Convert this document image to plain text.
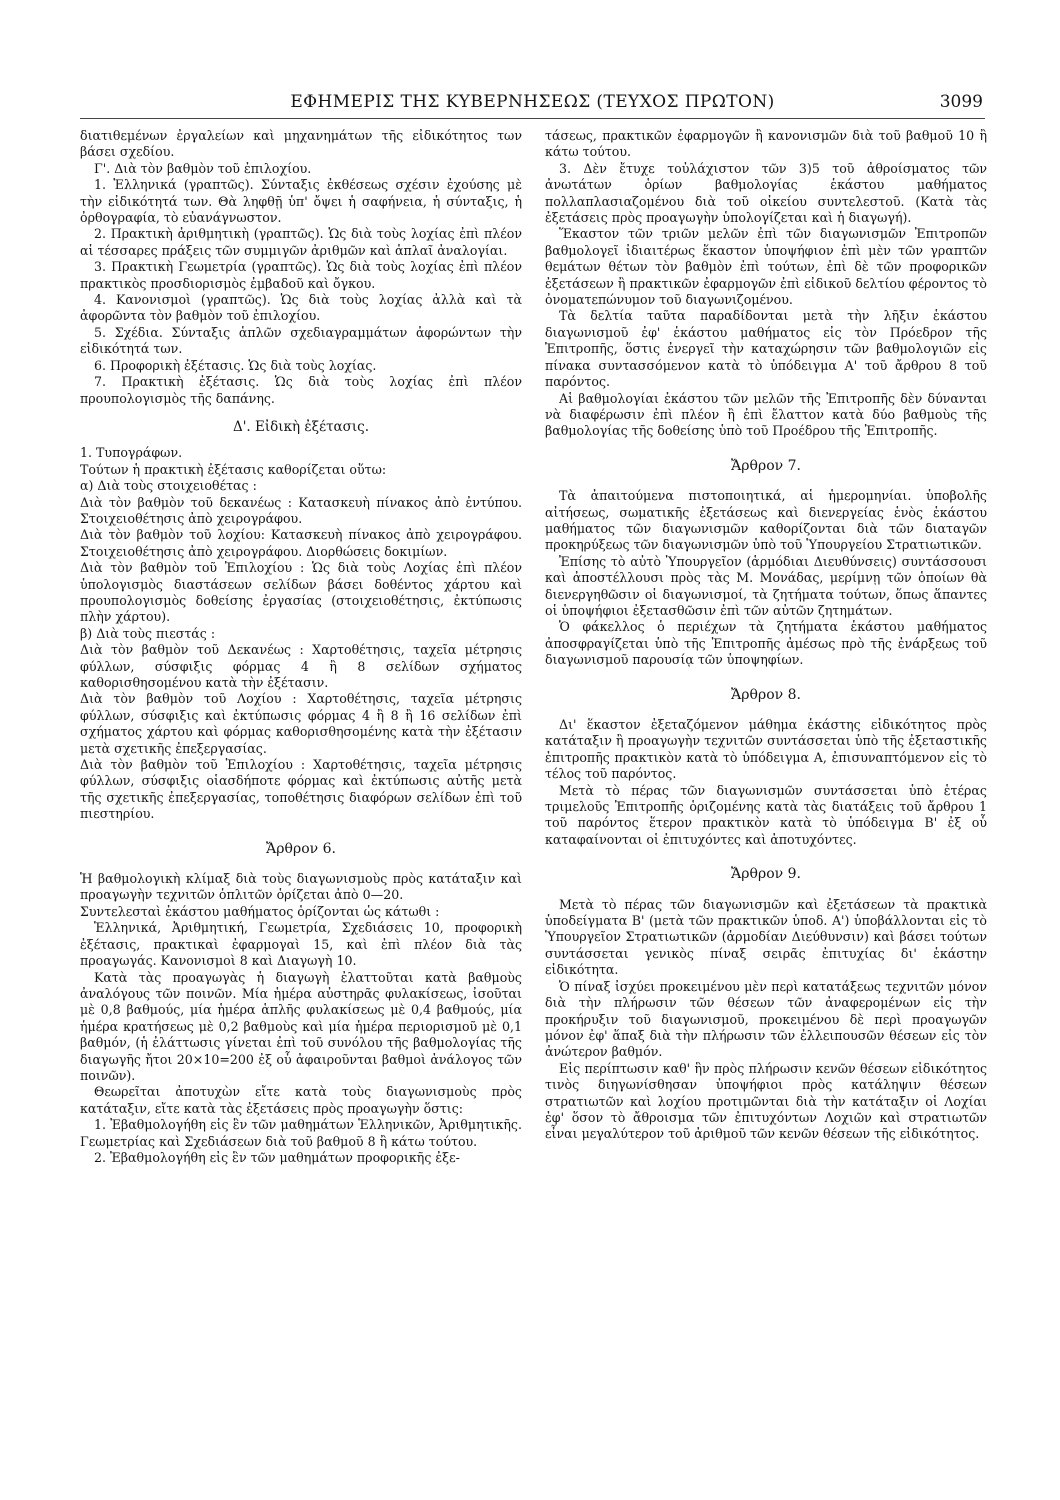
ΕΦΗΜΕΡΙΣ ΤΗΣ ΚΥΒΕΡΝΗΣΕΩΣ (ΤΕΥΧΟΣ ΠΡΩΤΟΝ)	3099

διατιθεμένων ἐργαλείων καὶ μηχανημάτων τῆς εἰδικότητος των βάσει σχεδίου.

Γ'. Διὰ τὸν βαθμὸν τοῦ ἐπιλοχίου.

1. Ἑλληνικά (γραπτῶς). Σύνταξις ἐκθέσεως σχέσιν ἐχούσης μὲ τὴν εἰδικότητά των. Θὰ ληφθῇ ὑπ' ὄψει ἡ σαφήνεια, ἡ σύνταξις, ἡ ὀρθογραφία, τὸ εὐανάγνωστον.

2. Πρακτικὴ ἀριθμητικὴ (γραπτῶς). Ὡς διὰ τοὺς λοχίας ἐπὶ πλέον αἱ τέσσαρες πράξεις τῶν συμμιγῶν ἀριθμῶν καὶ ἁπλαῖ ἀναλογίαι.

3. Πρακτικὴ Γεωμετρία (γραπτῶς). Ὡς διὰ τοὺς λοχίας ἐπὶ πλέον πρακτικὸς προσδιορισμὸς ἐμβαδοῦ καὶ ὄγκου.

4. Κανονισμοὶ (γραπτῶς). Ὡς διὰ τοὺς λοχίας ἀλλὰ καὶ τὰ ἀφορῶντα τὸν βαθμὸν τοῦ ἐπιλοχίου.

5. Σχέδια. Σύνταξις ἁπλῶν σχεδιαγραμμάτων ἀφορώντων τὴν εἰδικότητά των.

6. Προφορικὴ ἐξέτασις. Ὡς διὰ τοὺς λοχίας.

7. Πρακτικὴ ἐξέτασις. Ὡς διὰ τοὺς λοχίας ἐπὶ πλέον προυπολογισμὸς τῆς δαπάνης.

Δ'. Εἰδικὴ ἐξέτασις.

1. Τυπογράφων.

Τούτων ἡ πρακτικὴ ἐξέτασις καθορίζεται οὕτω:

α) Διὰ τοὺς στοιχειοθέτας :

Διὰ τὸν βαθμὸν τοῦ δεκανέως : Κατασκευὴ πίνακος ἀπὸ ἐντύπου. Στοιχειοθέτησις ἀπὸ χειρογράφου.

Διὰ τὸν βαθμὸν τοῦ λοχίου: Κατασκευὴ πίνακος ἀπὸ χειρογράφου. Στοιχειοθέτησις ἀπὸ χειρογράφου. Διορθώσεις δοκιμίων.

Διὰ τὸν βαθμὸν τοῦ Ἐπιλοχίου : Ὡς διὰ τοὺς Λοχίας ἐπὶ πλέον ὑπολογισμὸς διαστάσεων σελίδων βάσει δοθέντος χάρτου καὶ προυπολογισμὸς δοθείσης ἐργασίας (στοιχειοθέτησις, ἐκτύπωσις πλὴν χάρτου).

β) Διὰ τοὺς πιεστάς :

Διὰ τὸν βαθμὸν τοῦ Δεκανέως : Χαρτοθέτησις, ταχεῖα μέτρησις φύλλων, σύσφιξις φόρμας 4 ἢ 8 σελίδων σχήματος καθορισθησομένου κατὰ τὴν ἐξέτασιν.

Διὰ τὸν βαθμὸν τοῦ Λοχίου : Χαρτοθέτησις, ταχεῖα μέτρησις φύλλων, σύσφιξις καὶ ἐκτύπωσις φόρμας 4 ἢ 8 ἢ 16 σελίδων ἐπὶ σχήματος χάρτου καὶ φόρμας καθορισθησομένης κατὰ τὴν ἐξέτασιν μετὰ σχετικῆς ἐπεξεργασίας.

Διὰ τὸν βαθμὸν τοῦ Ἐπιλοχίου : Χαρτοθέτησις, ταχεῖα μέτρησις φύλλων, σύσφιξις οἱασδήποτε φόρμας καὶ ἐκτύπωσις αὐτῆς μετὰ τῆς σχετικῆς ἐπεξεργασίας, τοποθέτησις διαφόρων σελίδων ἐπὶ τοῦ πιεστηρίου.

Ἄρθρον 6.

Ἡ βαθμολογικὴ κλίμαξ διὰ τοὺς διαγωνισμοὺς πρὸς κατάταξιν καὶ προαγωγὴν τεχνιτῶν ὁπλιτῶν ὁρίζεται ἀπὸ 0—20.

Συντελεσταὶ ἑκάστου μαθήματος ὁρίζονται ὡς κάτωθι :

Ἑλληνικά, Ἀριθμητική, Γεωμετρία, Σχεδιάσεις 10, προφορικὴ ἐξέτασις, πρακτικαὶ ἐφαρμογαὶ 15, καὶ ἐπὶ πλέον διὰ τὰς προαγωγάς. Κανονισμοὶ 8 καὶ Διαγωγὴ 10.

Κατὰ τὰς προαγωγὰς ἡ διαγωγὴ ἐλαττοῦται κατὰ βαθμοὺς ἀναλόγους τῶν ποινῶν. Μία ἡμέρα αὐστηρᾶς φυλακίσεως, ἰσοῦται μὲ 0,8 βαθμούς, μία ἡμέρα ἁπλῆς φυλακίσεως μὲ 0,4 βαθμούς, μία ἡμέρα κρατήσεως μὲ 0,2 βαθμοὺς καὶ μία ἡμέρα περιορισμοῦ μὲ 0,1 βαθμόν, (ἡ ἐλάττωσις γίνεται ἐπὶ τοῦ συνόλου τῆς βαθμολογίας τῆς διαγωγῆς ἤτοι 20×10=200 ἐξ οὗ ἀφαιροῦνται βαθμοὶ ἀνάλογος τῶν ποινῶν).

Θεωρεῖται ἀποτυχὼν εἴτε κατὰ τοὺς διαγωνισμοὺς πρὸς κατάταξιν, εἴτε κατὰ τὰς ἐξετάσεις πρὸς προαγωγὴν ὅστις:

1. Ἐβαθμολογήθη εἰς ἓν τῶν μαθημάτων Ἑλληνικῶν, Ἀριθμητικῆς. Γεωμετρίας καὶ Σχεδιάσεων διὰ τοῦ βαθμοῦ 8 ἢ κάτω τούτου.

2. Ἐβαθμολογήθη εἰς ἓν τῶν μαθημάτων προφορικῆς ἐξε-

τάσεως, πρακτικῶν ἐφαρμογῶν ἢ κανονισμῶν διὰ τοῦ βαθμοῦ 10 ἢ κάτω τούτου.

3. Δὲν ἔτυχε τοὐλάχιστον τῶν 3)5 τοῦ ἀθροίσματος τῶν ἀνωτάτων ὁρίων βαθμολογίας ἑκάστου μαθήματος πολλαπλασιαζομένου διὰ τοῦ οἰκείου συντελεστοῦ. (Κατὰ τὰς ἐξετάσεις πρὸς προαγωγὴν ὑπολογίζεται καὶ ἡ διαγωγή).

Ἕκαστον τῶν τριῶν μελῶν ἐπὶ τῶν διαγωνισμῶν Ἐπιτροπῶν βαθμολογεῖ ἰδιαιτέρως ἕκαστον ὑποψήφιον ἐπὶ μὲν τῶν γραπτῶν θεμάτων θέτων τὸν βαθμὸν ἐπὶ τούτων, ἐπὶ δὲ τῶν προφορικῶν ἐξετάσεων ἢ πρακτικῶν ἐφαρμογῶν ἐπὶ εἰδικοῦ δελτίου φέροντος τὸ ὀνοματεπώνυμον τοῦ διαγωνιζομένου.

Τὰ δελτία ταῦτα παραδίδονται μετὰ τὴν λῆξιν ἑκάστου διαγωνισμοῦ ἐφ' ἑκάστου μαθήματος εἰς τὸν Πρόεδρον τῆς Ἐπιτροπῆς, ὅστις ἐνεργεῖ τὴν καταχώρησιν τῶν βαθμολογιῶν εἰς πίνακα συντασσόμενον κατὰ τὸ ὑπόδειγμα Α' τοῦ ἄρθρου 8 τοῦ παρόντος.

Αἱ βαθμολογίαι ἑκάστου τῶν μελῶν τῆς Ἐπιτροπῆς δὲν δύνανται νὰ διαφέρωσιν ἐπὶ πλέον ἢ ἐπὶ ἔλαττον κατὰ δύο βαθμοὺς τῆς βαθμολογίας τῆς δοθείσης ὑπὸ τοῦ Προέδρου τῆς Ἐπιτροπῆς.

Ἄρθρον 7.

Τὰ ἀπαιτούμενα πιστοποιητικά, αἱ ἡμερομηνίαι. ὑποβολῆς αἰτήσεως, σωματικῆς ἐξετάσεως καὶ διενεργείας ἑνὸς ἑκάστου μαθήματος τῶν διαγωνισμῶν καθορίζονται διὰ τῶν διαταγῶν προκηρύξεως τῶν διαγωνισμῶν ὑπὸ τοῦ Ὑπουργείου Στρατιωτικῶν.

Ἐπίσης τὸ αὐτὸ Ὑπουργεῖον (ἁρμόδιαι Διευθύνσεις) συντάσσουσι καὶ ἀποστέλλουσι πρὸς τὰς Μ. Μονάδας, μερίμνῃ τῶν ὁποίων θὰ διενεργηθῶσιν οἱ διαγωνισμοί, τὰ ζητήματα τούτων, ὅπως ἅπαντες οἱ ὑποψήφιοι ἐξετασθῶσιν ἐπὶ τῶν αὐτῶν ζητημάτων.

Ὁ φάκελλος ὁ περιέχων τὰ ζητήματα ἑκάστου μαθήματος ἀποσφραγίζεται ὑπὸ τῆς Ἐπιτροπῆς ἀμέσως πρὸ τῆς ἐνάρξεως τοῦ διαγωνισμοῦ παρουσίᾳ τῶν ὑποψηφίων.

Ἄρθρον 8.

Δι' ἕκαστον ἐξεταζόμενον μάθημα ἑκάστης εἰδικότητος πρὸς κατάταξιν ἢ προαγωγὴν τεχνιτῶν συντάσσεται ὑπὸ τῆς ἐξεταστικῆς ἐπιτροπῆς πρακτικὸν κατὰ τὸ ὑπόδειγμα Α, ἐπισυναπτόμενον εἰς τὸ τέλος τοῦ παρόντος.

Μετὰ τὸ πέρας τῶν διαγωνισμῶν συντάσσεται ὑπὸ ἑτέρας τριμελοῦς Ἐπιτροπῆς ὁριζομένης κατὰ τὰς διατάξεις τοῦ ἄρθρου 1 τοῦ παρόντος ἕτερον πρακτικὸν κατὰ τὸ ὑπόδειγμα Β' ἐξ οὗ καταφαίνονται οἱ ἐπιτυχόντες καὶ ἀποτυχόντες.

Ἄρθρον 9.

Μετὰ τὸ πέρας τῶν διαγωνισμῶν καὶ ἐξετάσεων τὰ πρακτικὰ ὑποδείγματα Β' (μετὰ τῶν πρακτικῶν ὑποδ. Α') ὑποβάλλονται εἰς τὸ Ὑπουργεῖον Στρατιωτικῶν (ἁρμοδίαν Διεύθυνσιν) καὶ βάσει τούτων συντάσσεται γενικὸς πίναξ σειρᾶς ἐπιτυχίας δι' ἑκάστην εἰδικότητα.

Ὁ πίναξ ἰσχύει προκειμένου μὲν περὶ κατατάξεως τεχνιτῶν μόνον διὰ τὴν πλήρωσιν τῶν θέσεων τῶν ἀναφερομένων εἰς τὴν προκήρυξιν τοῦ διαγωνισμοῦ, προκειμένου δὲ περὶ προαγωγῶν μόνον ἐφ' ἅπαξ διὰ τὴν πλήρωσιν τῶν ἐλλειπουσῶν θέσεων εἰς τὸν ἀνώτερον βαθμόν.

Εἰς περίπτωσιν καθ' ἣν πρὸς πλήρωσιν κενῶν θέσεων εἰδικότητος τινὸς διηγωνίσθησαν ὑποψήφιοι πρὸς κατάληψιν θέσεων στρατιωτῶν καὶ λοχίου προτιμῶνται διὰ τὴν κατάταξιν οἱ Λοχίαι ἐφ' ὅσον τὸ ἄθροισμα τῶν ἐπιτυχόντων Λοχιῶν καὶ στρατιωτῶν εἶναι μεγαλύτερον τοῦ ἀριθμοῦ τῶν κενῶν θέσεων τῆς εἰδικότητος.
